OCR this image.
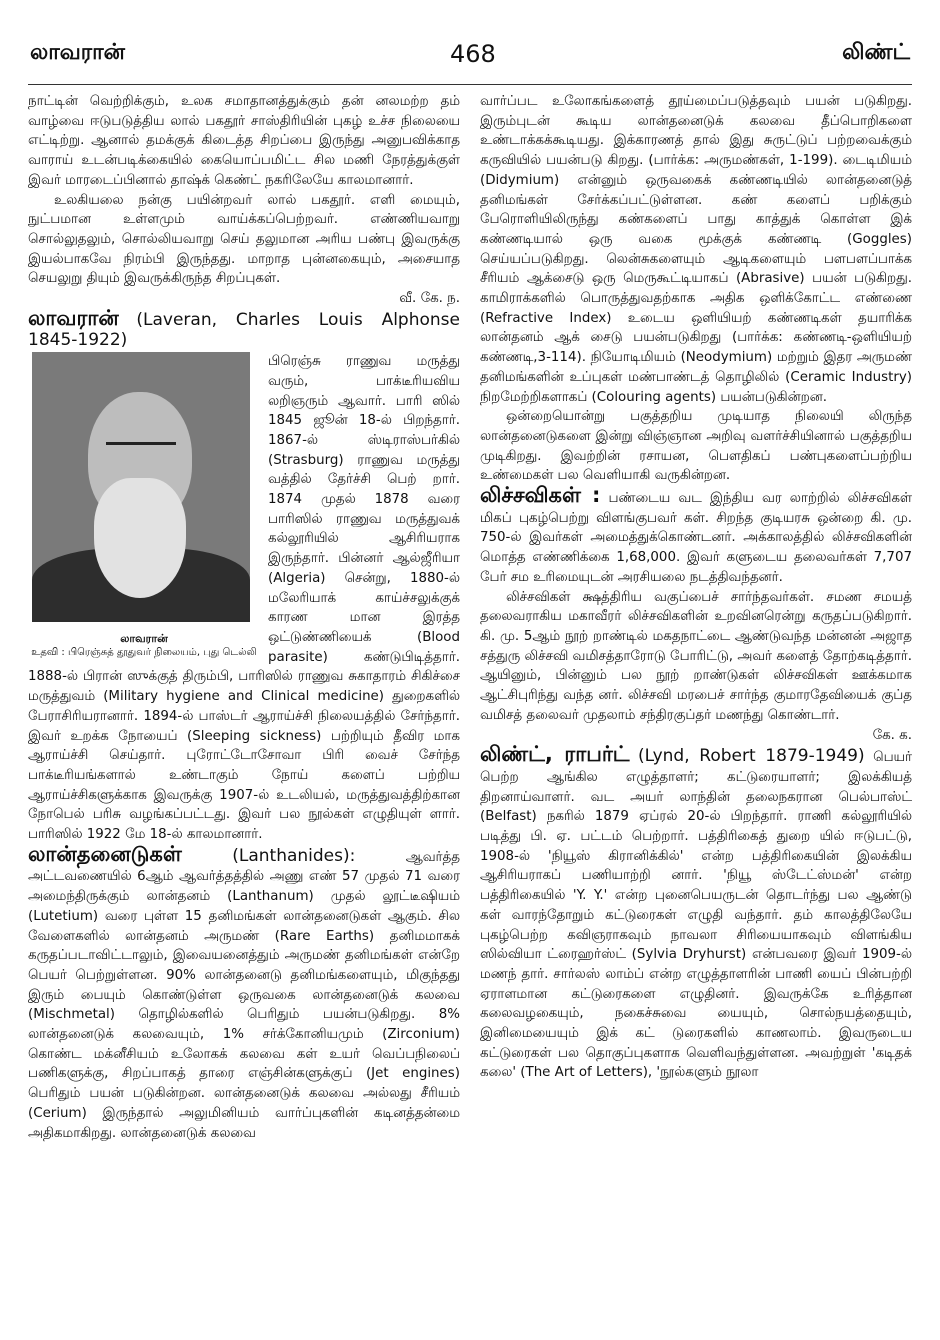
லாவரான்	468	லிண்ட்

நாட்டின் வெற்றிக்கும், உலக சமாதானத்துக்கும் தன் னலமற்ற தம் வாழ்வை ஈடுபடுத்திய லால் பகதூர் சாஸ்திரியின் புகழ் உச்ச நிலையை எட்டிற்று. ஆனால் தமக்குக் கிடைத்த சிறப்பை இருந்து அனுபவிக்காத வாராய் உடன்படிக்கையில் கையொப்பமிட்ட சில மணி நேரத்துக்குள் இவர் மாரடைப்பினால் தாஷ்க் கெண்ட் நகரிலேயே காலமானார்.

உலகியலை நன்கு பயின்றவர் லால் பகதூர். எளி மையும், நுட்பமான உள்ளமும் வாய்க்கப்பெற்றவர். எண்ணியவாறு சொல்லுதலும், சொல்லியவாறு செய் தலுமான அரிய பண்பு இவருக்கு இயல்பாகவே நிரம்பி இருந்தது. மாறாத புன்னகையும், அசையாத செயலுறு தியும் இவருக்கிருந்த சிறப்புகள்.

வீ. கே. ந.

லாவரான் (Laveran, Charles Louis Alphonse 1845-1922)

லாவரான்
உதவி : பிரெஞ்சுத் தூதுவர் நிலையம், புது டெல்லி

பிரெஞ்சு ராணுவ மருத்து வரும், பாக்டீரியவிய லறிஞரும் ஆவார். பாரி ஸில் 1845 ஜூன் 18-ல் பிறந்தார். 1867-ல் ஸ்டிராஸ்பர்கில் (Strasburg) ராணுவ மருத்து வத்தில் தேர்ச்சி பெற் றார். 1874 முதல் 1878 வரை பாரிஸில் ராணுவ மருத்துவக் கல்லூரியில் ஆசிரியராக இருந்தார். பின்னர் ஆல்ஜீரியா (Algeria) சென்று, 1880-ல் மலேரியாக் காய்ச்சலுக்குக் காரண மான இரத்த ஒட்டுண்ணியைக் (Blood parasite) கண்டுபிடித்தார். 1888-ல் பிரான் ஸுக்குத் திரும்பி, பாரிஸில் ராணுவ சுகாதாரம் சிகிச்சை மருத்துவம் (Military hygiene and Clinical medicine) துறைகளில் பேராசிரியரானார். 1894-ல் பாஸ்டர் ஆராய்ச்சி நிலையத்தில் சேர்ந்தார். இவர் உறக்க நோயைப் (Sleeping sickness) பற்றியும் தீவிர மாக ஆராய்ச்சி செய்தார். புரோட்டோசோவா பிரி வைச் சேர்ந்த பாக்டீரியங்களால் உண்டாகும் நோய் களைப் பற்றிய ஆராய்ச்சிகளுக்காக இவருக்கு 1907-ல் உடலியல், மருத்துவத்திற்கான நோபெல் பரிசு வழங்கப்பட்டது. இவர் பல நூல்கள் எழுதியுள் ளார். பாரிஸில் 1922 மே 18-ல் காலமானார்.

லான்தனைடுகள்	(Lanthanides):	ஆவர்த்த அட்டவணையில் 6ஆம் ஆவர்த்தத்தில் அணு எண் 57 முதல் 71 வரை அமைந்திருக்கும் லான்தனம் (Lanthanum) முதல் லூட்டீஷியம் (Lutetium) வரை புள்ள 15 தனிமங்கள் லான்தனைடுகள் ஆகும். சில வேளைகளில் லான்தனம் அருமண் (Rare Earths) தனிமமாகக் கருதப்படாவிட்டாலும், இவையனைத்தும் அருமண் தனிமங்கள் என்றே பெயர் பெற்றுள்ளன. 90% லான்தனைடு தனிமங்களையும், மிகுந்தது இரும் பையும் கொண்டுள்ள ஒருவகை லான்தனைடுக் கலவை (Mischmetal) தொழில்களில் பெரிதும் பயன்படுகிறது. 8% லான்தனைடுக் கலவையும், 1% சர்க்கோனியமும் (Zirconium) கொண்ட மக்னீசியம் உலோகக் கலவை கள் உயர் வெப்பநிலைப் பணிகளுக்கு, சிறப்பாகத் தாரை எஞ்சின்களுக்குப் (Jet engines) பெரிதும் பயன் படுகின்றன. லான்தனைடுக் கலவை அல்லது சீரியம் (Cerium) இருந்தால் அலுமினியம் வார்ப்புகளின் கடினத்தன்மை அதிகமாகிறது. லான்தனைடுக் கலவை

வார்ப்பட உலோகங்களைத் தூய்மைப்படுத்தவும் பயன் படுகிறது. இரும்புடன் கூடிய லான்தனைடுக் கலவை தீப்பொறிகளை உண்டாக்கக்கூடியது. இக்காரணத் தால் இது சுருட்டுப் பற்றவைக்கும் கருவியில் பயன்படு கிறது. (பார்க்க: அருமண்கள், 1-199). டைடிமியம் (Didymium) என்னும் ஒருவகைக் கண்ணடியில் லான்தனைடுத் தனிமங்கள் சேர்க்கப்பட்டுள்ளன. கண் களைப் பறிக்கும் பேரொளியிலிருந்து கண்களைப் பாது காத்துக் கொள்ள இக் கண்ணடியால் ஒரு வகை மூக்குக் கண்ணடி (Goggles) செய்யப்படுகிறது. லென்சுகளையும் ஆடிகளையும் பளபளப்பாக்க சீரியம் ஆக்சைடு ஒரு மெருகூட்டியாகப் (Abrasive) பயன் படுகிறது. காமிராக்களில் பொருத்துவதற்காக அதிக ஒளிக்கோட்ட எண்ணை (Refractive Index) உடைய ஒளியியற் கண்ணடிகள் தயாரிக்க லான்தனம் ஆக் சைடு பயன்படுகிறது (பார்க்க: கண்ணடி-ஒளியியற் கண்ணடி,3-114). நியோடிமியம் (Neodymium) மற்றும் இதர அருமண் தனிமங்களின் உப்புகள் மண்பாண்டத் தொழிலில் (Ceramic Industry) நிறமேற்றிகளாகப் (Colouring agents) பயன்படுகின்றன.

ஒன்றையொன்று பகுத்தறிய முடியாத நிலையி லிருந்த லான்தனைடுகளை இன்று விஞ்ஞான அறிவு வளர்ச்சியினால் பகுத்தறிய முடிகிறது. இவற்றின் ரசாயன, பௌதிகப் பண்புகளைப்பற்றிய உண்மைகள் பல வெளியாகி வருகின்றன.

லிச்சவிகள் : பண்டைய வட இந்திய வர லாற்றில் லிச்சவிகள் மிகப் புகழ்பெற்று விளங்குபவர் கள். சிறந்த குடியரசு ஒன்றை கி. மு. 750-ல் இவர்கள் அமைத்துக்கொண்டனர். அக்காலத்தில் லிச்சவிகளின் மொத்த எண்ணிக்கை 1,68,000. இவர் களுடைய தலைவர்கள் 7,707 பேர் சம உரிமையுடன் அரசியலை நடத்திவந்தனர்.

லிச்சவிகள் க்ஷத்திரிய வகுப்பைச் சார்ந்தவர்கள். சமண சமயத் தலைவராகிய மகாவீரர் லிச்சவிகளின் உறவினரென்று கருதப்படுகிறார். கி. மு. 5ஆம் நூற் றாண்டில் மகதநாட்டை ஆண்டுவந்த மன்னன் அஜாத சத்துரு லிச்சவி வமிசத்தாரோடு போரிட்டு, அவர் களைத் தோற்கடித்தார். ஆயினும், பின்னும் பல நூற் றாண்டுகள் லிச்சவிகள் ஊக்கமாக ஆட்சிபுரிந்து வந்த னர். லிச்சவி மரபைச் சார்ந்த குமாரதேவியைக் குப்த வமிசத் தலைவர் முதலாம் சந்திரகுப்தர் மணந்து கொண்டார்.

கே. க.

லிண்ட், ராபர்ட் (Lynd, Robert 1879-1949) பெயர் பெற்ற ஆங்கில எழுத்தாளர்; கட்டுரையாளர்; இலக்கியத் திறனாய்வாளர். வட அயர் லாந்தின் தலைநகரான பெல்பாஸ்ட் (Belfast) நகரில் 1879 ஏப்ரல் 20-ல் பிறந்தார். ராணி கல்லூரியில் படித்து பி. ஏ. பட்டம் பெற்றார். பத்திரிகைத் துறை யில் ஈடுபட்டு, 1908-ல் 'நியூஸ் கிரானிக்கில்' என்ற பத்திரிகையின் இலக்கிய ஆசிரியராகப் பணியாற்றி னார். 'நியூ ஸ்டேட்ஸ்மன்' என்ற பத்திரிகையில் 'Y. Y.' என்ற புனைபெயருடன் தொடர்ந்து பல ஆண்டு கள் வாரந்தோறும் கட்டுரைகள் எழுதி வந்தார். தம் காலத்திலேயே புகழ்பெற்ற கவிஞராகவும் நாவலா சிரியையாகவும் விளங்கிய ஸில்வியா ட்ரைஹர்ஸ்ட் (Sylvia Dryhurst) என்பவரை இவர் 1909-ல் மணந் தார். சார்லஸ் லாம்ப் என்ற எழுத்தாளரின் பாணி யைப் பின்பற்றி ஏராளமான கட்டுரைகளை எழுதினர். இவருக்கே உரித்தான கலைவழகையும், நகைச்சுவை யையும், சொல்நயத்தையும், இனிமையையும் இக் கட் டுரைகளில் காணலாம். இவருடைய கட்டுரைகள் பல தொகுப்புகளாக வெளிவந்துள்ளன. அவற்றுள் 'கடிதக் கலை' (The Art of Letters), 'நூல்களும் நூலா
